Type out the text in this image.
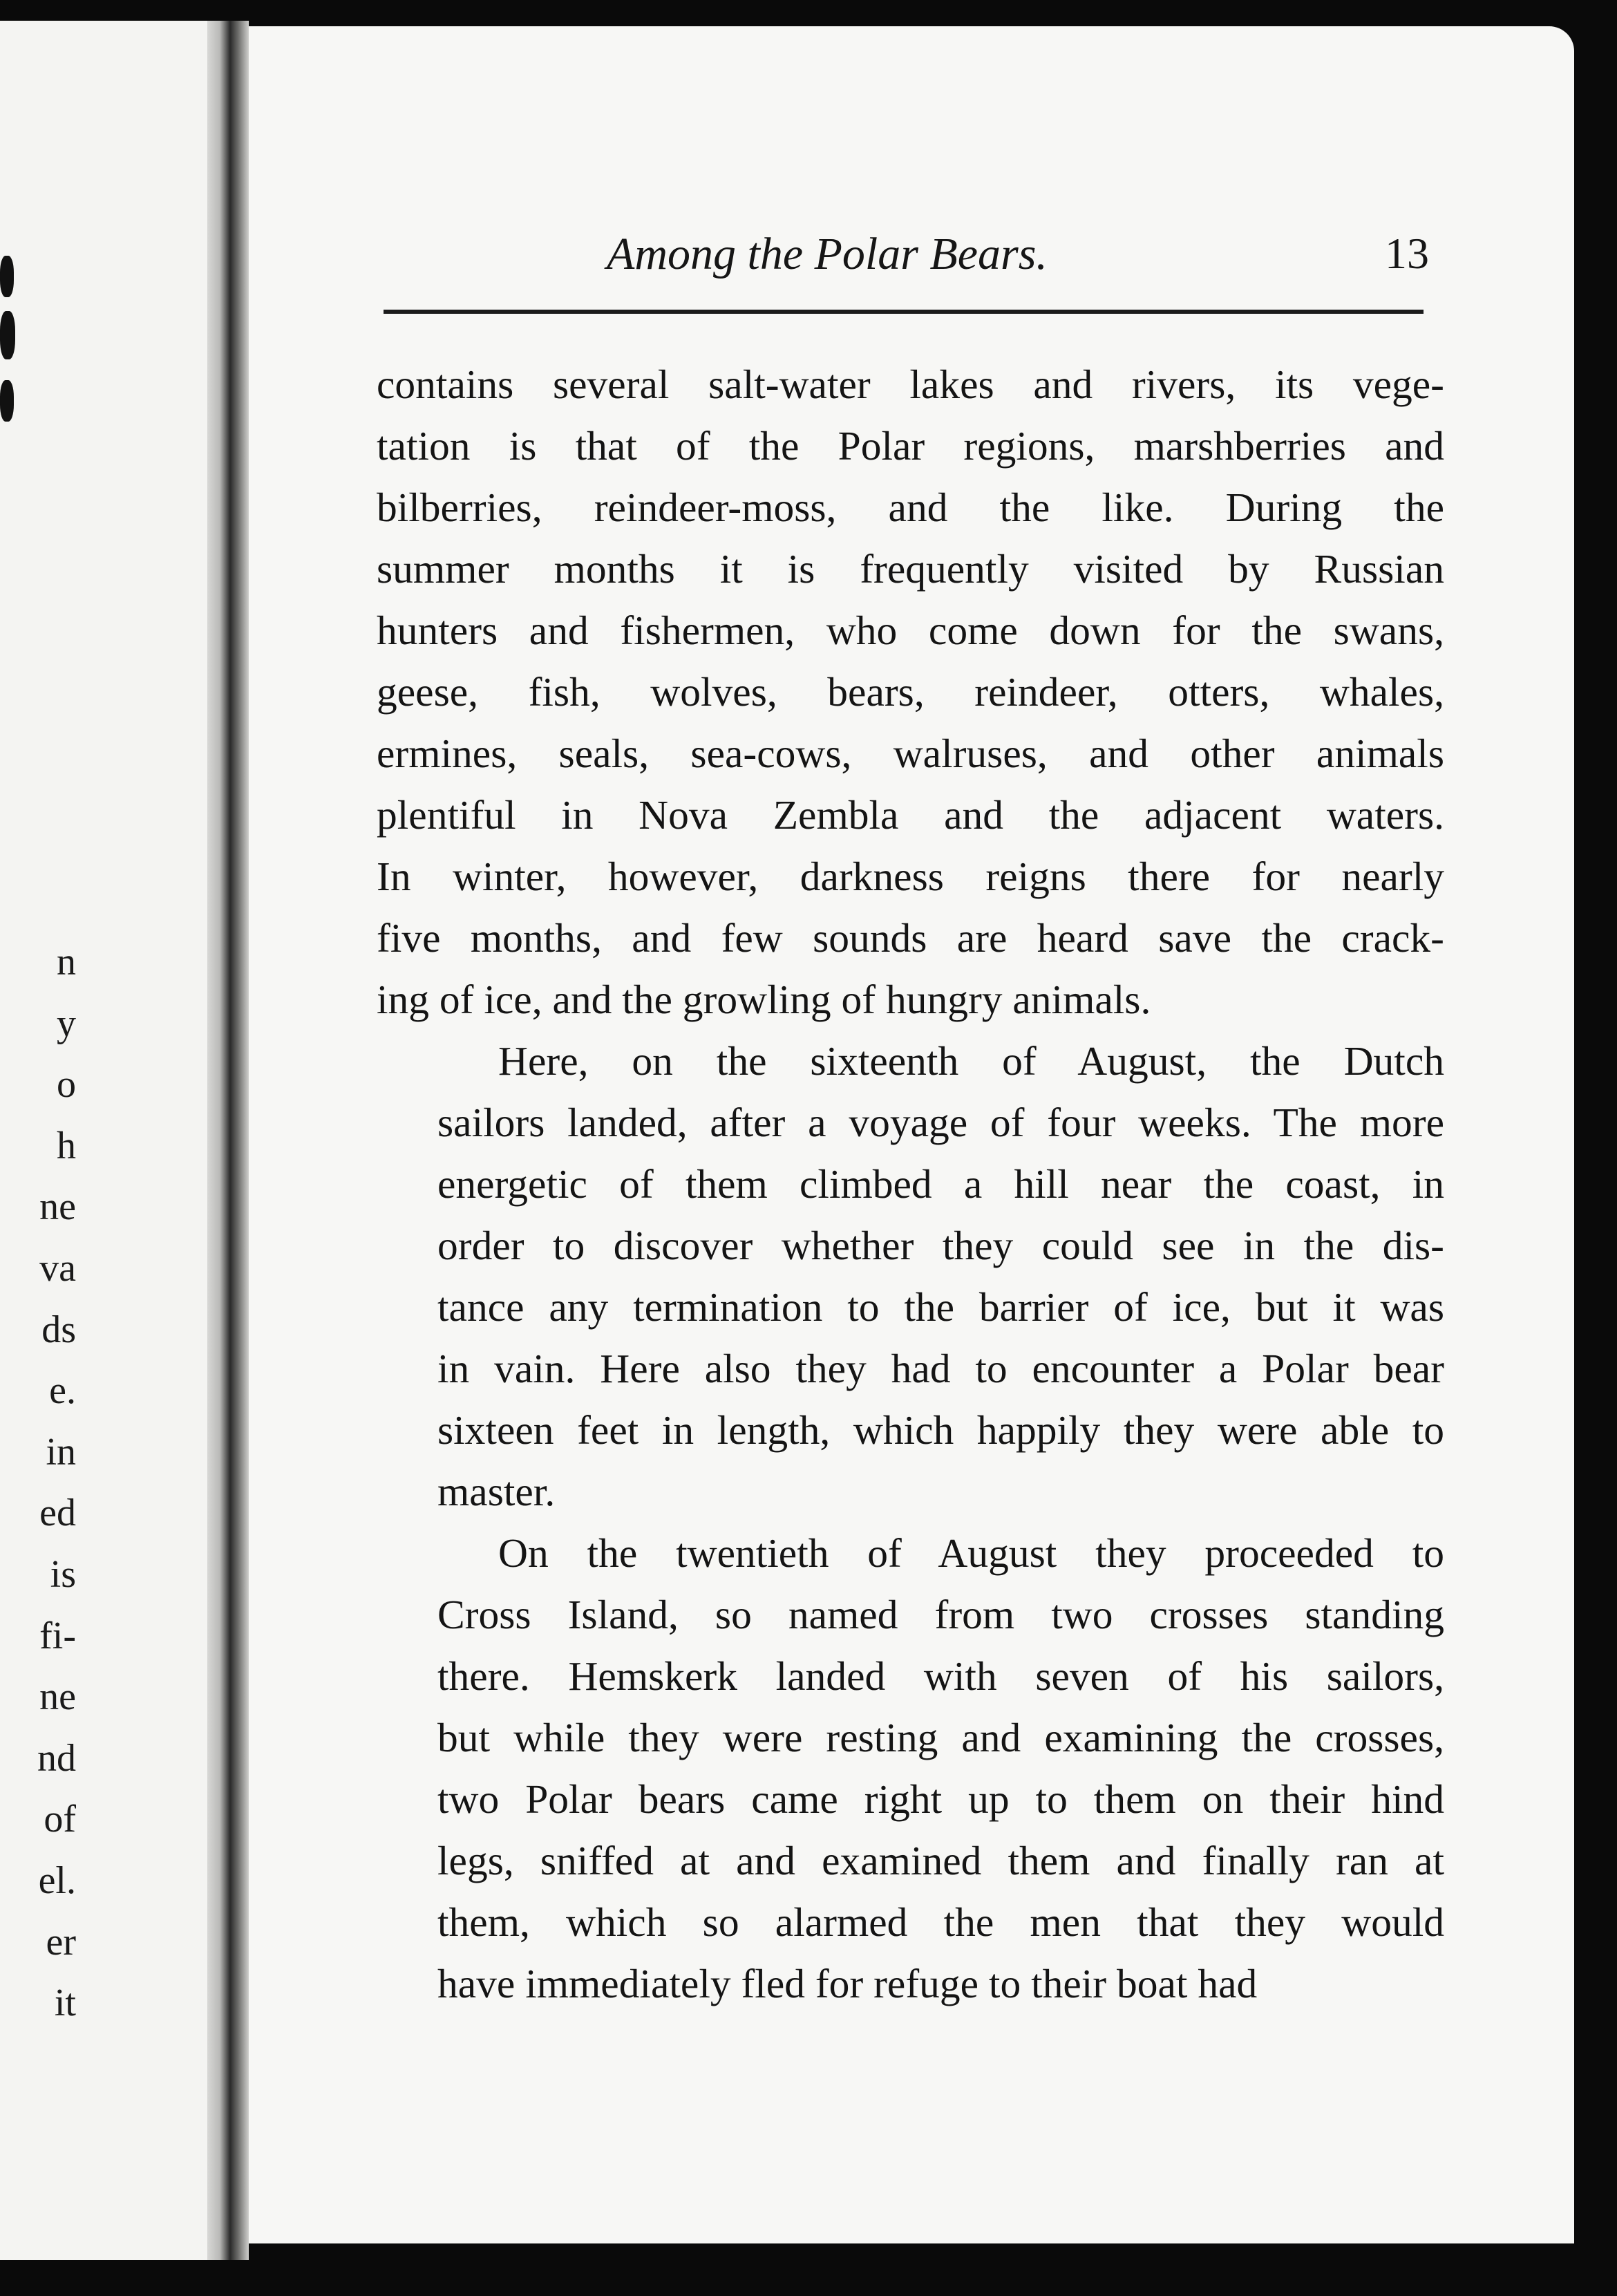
n
y
o
h
ne
va
ds
e.
in
ed
is
fi-
ne
nd
of
el.
er
it
Among the Polar Bears.	13
contains several salt-water lakes and rivers, its vege-
tation is that of the Polar regions, marshberries and
bilberries, reindeer-moss, and the like. During the
summer months it is frequently visited by Russian
hunters and fishermen, who come down for the swans,
geese, fish, wolves, bears, reindeer, otters, whales,
ermines, seals, sea-cows, walruses, and other animals
plentiful in Nova Zembla and the adjacent waters.
In winter, however, darkness reigns there for nearly
five months, and few sounds are heard save the crack-
ing of ice, and the growling of hungry animals.
Here, on the sixteenth of August, the Dutch
sailors landed, after a voyage of four weeks. The more
energetic of them climbed a hill near the coast, in
order to discover whether they could see in the dis-
tance any termination to the barrier of ice, but it was
in vain. Here also they had to encounter a Polar bear
sixteen feet in length, which happily they were able to
master.
On the twentieth of August they proceeded to
Cross Island, so named from two crosses standing
there. Hemskerk landed with seven of his sailors,
but while they were resting and examining the crosses,
two Polar bears came right up to them on their hind
legs, sniffed at and examined them and finally ran at
them, which so alarmed the men that they would
have immediately fled for refuge to their boat had
